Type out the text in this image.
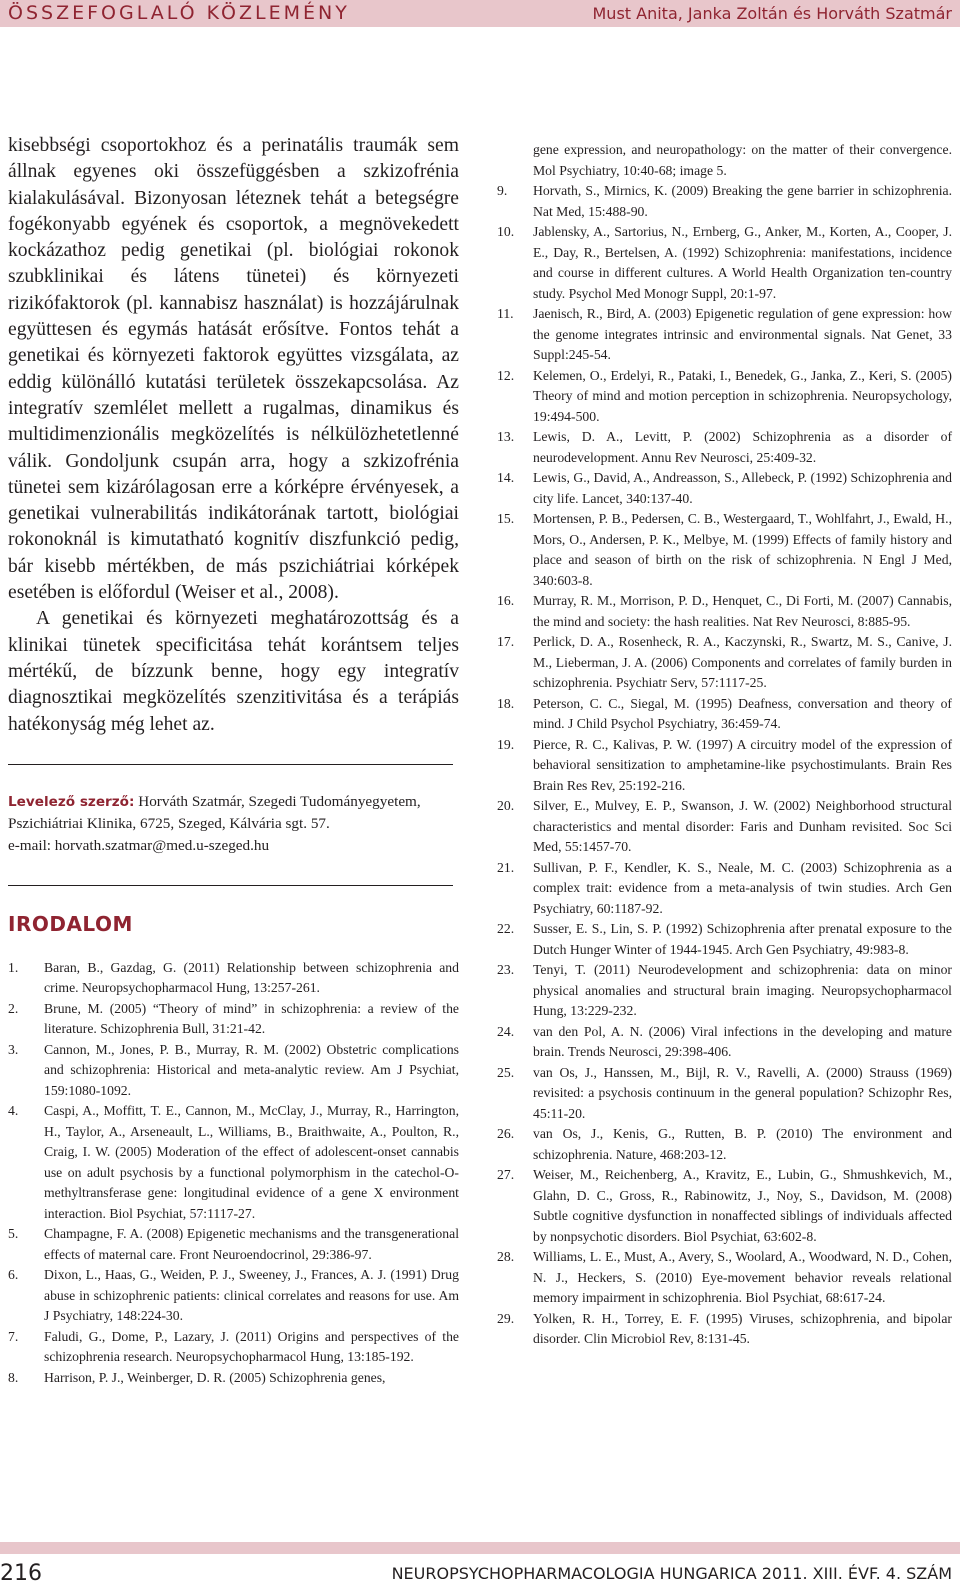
ÖSSZEFOGLALÓ KÖZLEMÉNY	Must Anita, Janka Zoltán és Horváth Szatmár

kisebbségi csoportokhoz és a perinatális traumák sem állnak egyenes oki összefüggésben a szkizofrénia kialakulásával. Bizonyosan léteznek tehát a betegségre fogékonyabb egyének és csoportok, a megnövekedett kockázathoz pedig genetikai (pl. biológiai rokonok szubklinikai és látens tünetei) és környezeti rizikófaktorok (pl. kannabisz használat) is hozzájárulnak együttesen és egymás hatását erősítve. Fontos tehát a genetikai és környezeti faktorok együttes vizsgálata, az eddig különálló kutatási területek összekapcsolása. Az integratív szemlélet mellett a rugalmas, dinamikus és multidimenzionális megközelítés is nélkülözhetetlenné válik. Gondoljunk csupán arra, hogy a szkizofrénia tünetei sem kizárólagosan erre a kórképre érvényesek, a genetikai vulnerabilitás indikátorának tartott, biológiai rokonoknál is kimutatható kognitív diszfunkció pedig, bár kisebb mértékben, de más pszichiátriai kórképek esetében is előfordul (Weiser et al., 2008).

A genetikai és környezeti meghatározottság és a klinikai tünetek specificitása tehát korántsem teljes mértékű, de bízzunk benne, hogy egy integratív diagnosztikai megközelítés szenzitivitása és a terápiás hatékonyság még lehet az.

Levelező szerző: Horváth Szatmár, Szegedi Tudományegyetem, Pszichiátriai Klinika, 6725, Szeged, Kálvária sgt. 57.
e-mail: horvath.szatmar@med.u-szeged.hu
IRODALOM
1.	Baran, B., Gazdag, G. (2011) Relationship between schizophrenia and crime. Neuropsychopharmacol Hung, 13:257-261.
2.	Brune, M. (2005) “Theory of mind” in schizophrenia: a review of the literature. Schizophrenia Bull, 31:21-42.
3.	Cannon, M., Jones, P. B., Murray, R. M. (2002) Obstetric complications and schizophrenia: Historical and meta-analytic review. Am J Psychiat, 159:1080-1092.
4.	Caspi, A., Moffitt, T. E., Cannon, M., McClay, J., Murray, R., Harrington, H., Taylor, A., Arseneault, L., Williams, B., Braithwaite, A., Poulton, R., Craig, I. W. (2005) Moderation of the effect of adolescent-onset cannabis use on adult psychosis by a functional polymorphism in the catechol-O-methyltransferase gene: longitudinal evidence of a gene X environment interaction. Biol Psychiat, 57:1117-27.
5.	Champagne, F. A. (2008) Epigenetic mechanisms and the transgenerational effects of maternal care. Front Neuroendocrinol, 29:386-97.
6.	Dixon, L., Haas, G., Weiden, P. J., Sweeney, J., Frances, A. J. (1991) Drug abuse in schizophrenic patients: clinical correlates and reasons for use. Am J Psychiatry, 148:224-30.
7.	Faludi, G., Dome, P., Lazary, J. (2011) Origins and perspectives of the schizophrenia research. Neuropsychopharmacol Hung, 13:185-192.
8.	Harrison, P. J., Weinberger, D. R. (2005) Schizophrenia genes,
gene expression, and neuropathology: on the matter of their convergence. Mol Psychiatry, 10:40-68; image 5.
9.	Horvath, S., Mirnics, K. (2009) Breaking the gene barrier in schizophrenia. Nat Med, 15:488-90.
10.	Jablensky, A., Sartorius, N., Ernberg, G., Anker, M., Korten, A., Cooper, J. E., Day, R., Bertelsen, A. (1992) Schizophrenia: manifestations, incidence and course in different cultures. A World Health Organization ten-country study. Psychol Med Monogr Suppl, 20:1-97.
11.	Jaenisch, R., Bird, A. (2003) Epigenetic regulation of gene expression: how the genome integrates intrinsic and environmental signals. Nat Genet, 33 Suppl:245-54.
12.	Kelemen, O., Erdelyi, R., Pataki, I., Benedek, G., Janka, Z., Keri, S. (2005) Theory of mind and motion perception in schizophrenia. Neuropsychology, 19:494-500.
13.	Lewis, D. A., Levitt, P. (2002) Schizophrenia as a disorder of neurodevelopment. Annu Rev Neurosci, 25:409-32.
14.	Lewis, G., David, A., Andreasson, S., Allebeck, P. (1992) Schizophrenia and city life. Lancet, 340:137-40.
15.	Mortensen, P. B., Pedersen, C. B., Westergaard, T., Wohlfahrt, J., Ewald, H., Mors, O., Andersen, P. K., Melbye, M. (1999) Effects of family history and place and season of birth on the risk of schizophrenia. N Engl J Med, 340:603-8.
16.	Murray, R. M., Morrison, P. D., Henquet, C., Di Forti, M. (2007) Cannabis, the mind and society: the hash realities. Nat Rev Neurosci, 8:885-95.
17.	Perlick, D. A., Rosenheck, R. A., Kaczynski, R., Swartz, M. S., Canive, J. M., Lieberman, J. A. (2006) Components and correlates of family burden in schizophrenia. Psychiatr Serv, 57:1117-25.
18.	Peterson, C. C., Siegal, M. (1995) Deafness, conversation and theory of mind. J Child Psychol Psychiatry, 36:459-74.
19.	Pierce, R. C., Kalivas, P. W. (1997) A circuitry model of the expression of behavioral sensitization to amphetamine-like psychostimulants. Brain Res Brain Res Rev, 25:192-216.
20.	Silver, E., Mulvey, E. P., Swanson, J. W. (2002) Neighborhood structural characteristics and mental disorder: Faris and Dunham revisited. Soc Sci Med, 55:1457-70.
21.	Sullivan, P. F., Kendler, K. S., Neale, M. C. (2003) Schizophrenia as a complex trait: evidence from a meta-analysis of twin studies. Arch Gen Psychiatry, 60:1187-92.
22.	Susser, E. S., Lin, S. P. (1992) Schizophrenia after prenatal exposure to the Dutch Hunger Winter of 1944-1945. Arch Gen Psychiatry, 49:983-8.
23.	Tenyi, T. (2011) Neurodevelopment and schizophrenia: data on minor physical anomalies and structural brain imaging. Neuropsychopharmacol Hung, 13:229-232.
24.	van den Pol, A. N. (2006) Viral infections in the developing and mature brain. Trends Neurosci, 29:398-406.
25.	van Os, J., Hanssen, M., Bijl, R. V., Ravelli, A. (2000) Strauss (1969) revisited: a psychosis continuum in the general population? Schizophr Res, 45:11-20.
26.	van Os, J., Kenis, G., Rutten, B. P. (2010) The environment and schizophrenia. Nature, 468:203-12.
27.	Weiser, M., Reichenberg, A., Kravitz, E., Lubin, G., Shmushkevich, M., Glahn, D. C., Gross, R., Rabinowitz, J., Noy, S., Davidson, M. (2008) Subtle cognitive dysfunction in nonaffected siblings of individuals affected by nonpsychotic disorders. Biol Psychiat, 63:602-8.
28.	Williams, L. E., Must, A., Avery, S., Woolard, A., Woodward, N. D., Cohen, N. J., Heckers, S. (2010) Eye-movement behavior reveals relational memory impairment in schizophrenia. Biol Psychiat, 68:617-24.
29.	Yolken, R. H., Torrey, E. F. (1995) Viruses, schizophrenia, and bipolar disorder. Clin Microbiol Rev, 8:131-45.
216	NEUROPSYCHOPHARMACOLOGIA HUNGARICA 2011. XIII. ÉVF. 4. SZÁM
